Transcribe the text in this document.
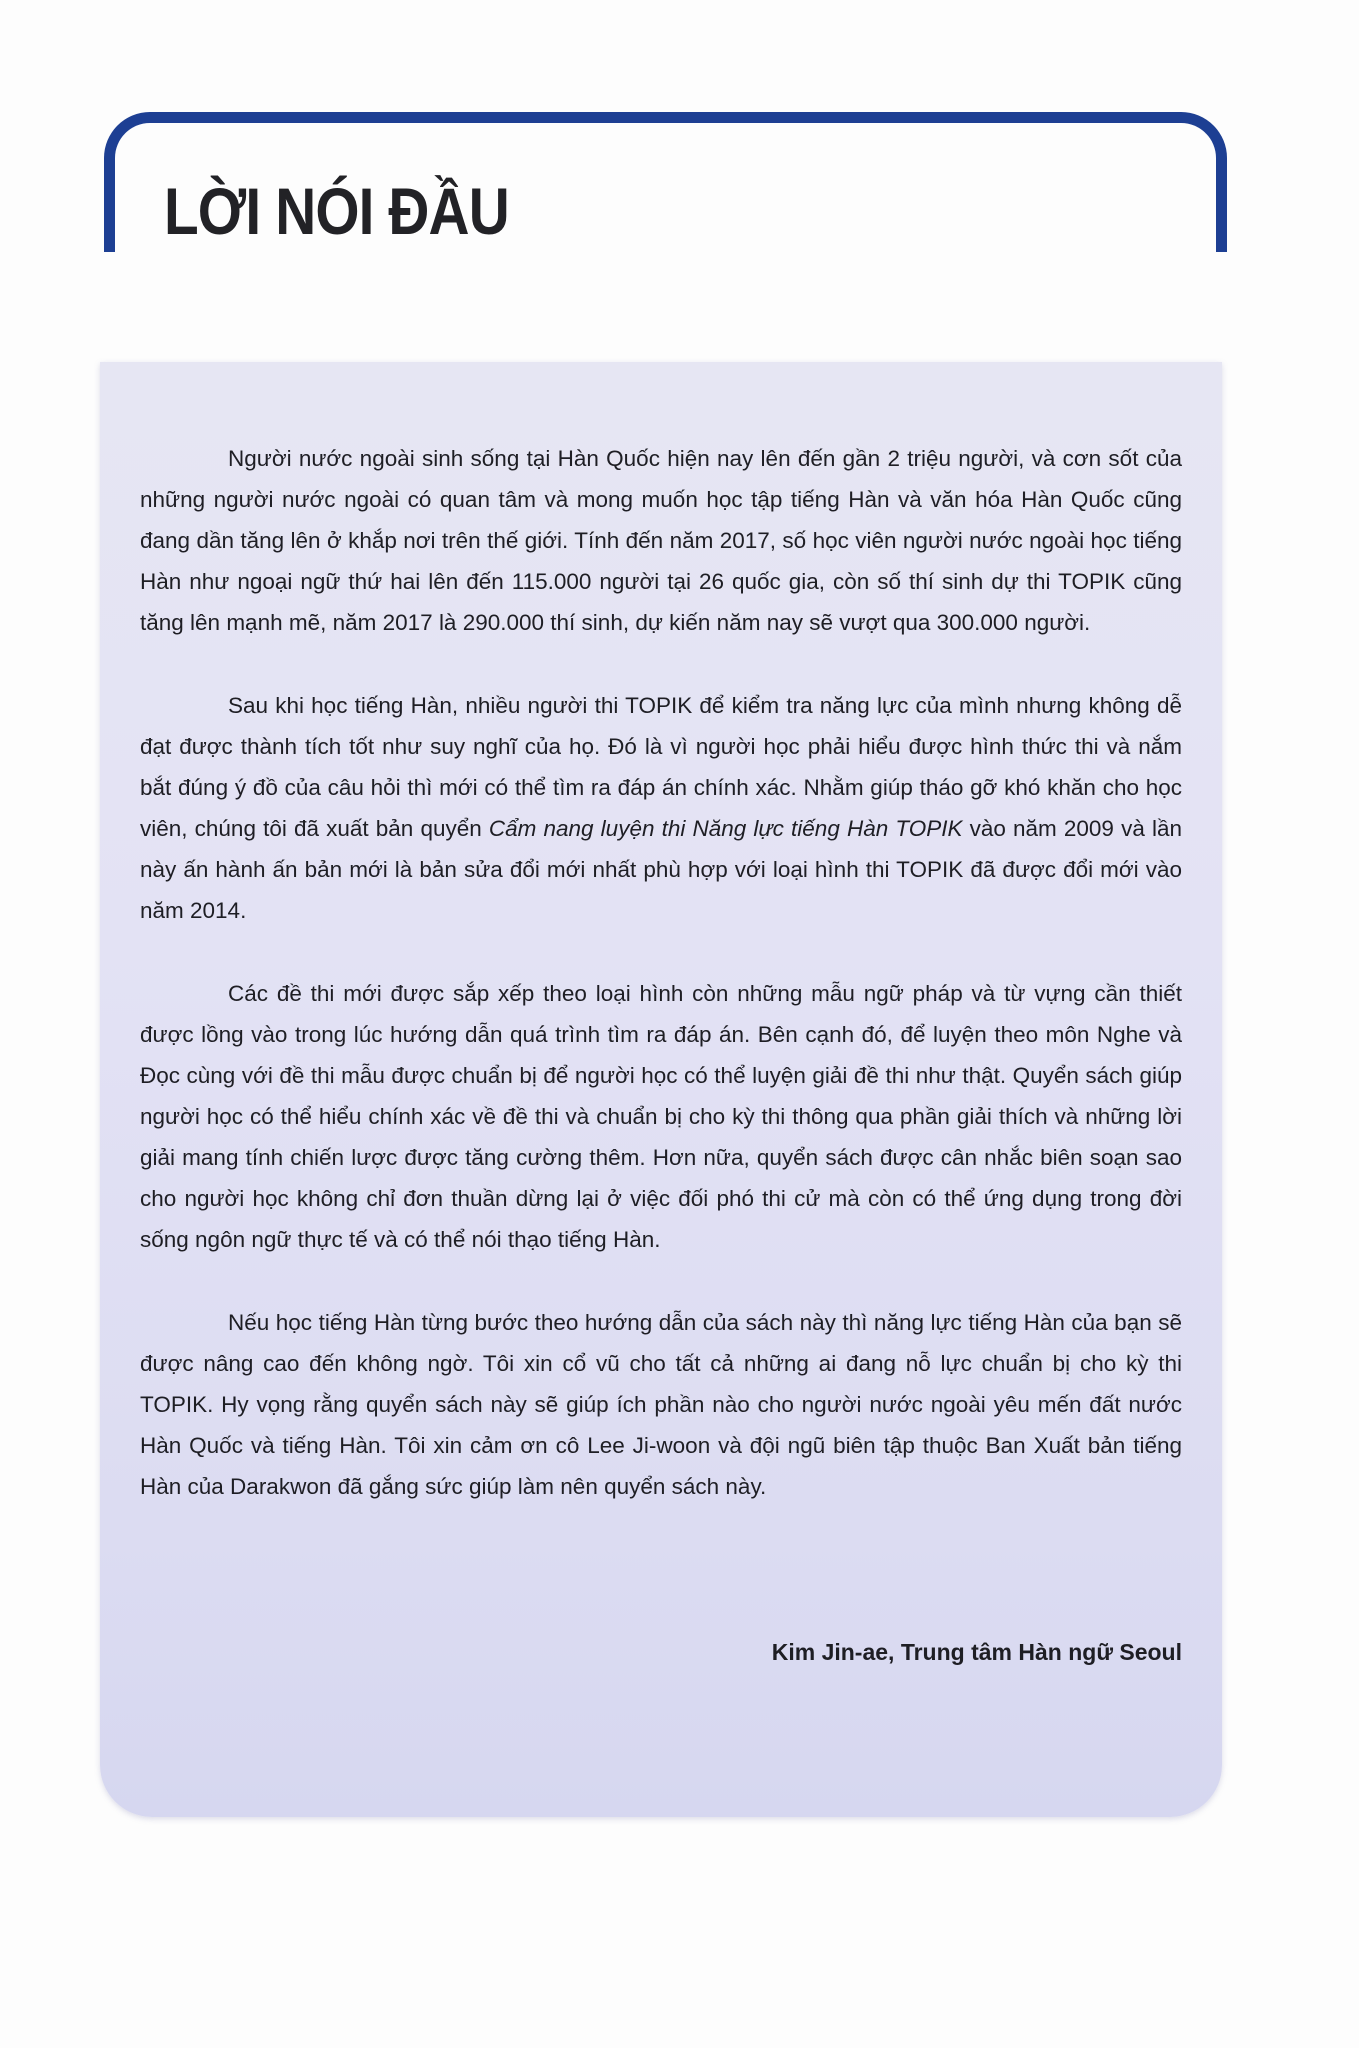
LỜI NÓI ĐẦU

Người nước ngoài sinh sống tại Hàn Quốc hiện nay lên đến gần 2 triệu người, và cơn sốt của những người nước ngoài có quan tâm và mong muốn học tập tiếng Hàn và văn hóa Hàn Quốc cũng đang dần tăng lên ở khắp nơi trên thế giới. Tính đến năm 2017, số học viên người nước ngoài học tiếng Hàn như ngoại ngữ thứ hai lên đến 115.000 người tại 26 quốc gia, còn số thí sinh dự thi TOPIK cũng tăng lên mạnh mẽ, năm 2017 là 290.000 thí sinh, dự kiến năm nay sẽ vượt qua 300.000 người.

Sau khi học tiếng Hàn, nhiều người thi TOPIK để kiểm tra năng lực của mình nhưng không dễ đạt được thành tích tốt như suy nghĩ của họ. Đó là vì người học phải hiểu được hình thức thi và nắm bắt đúng ý đồ của câu hỏi thì mới có thể tìm ra đáp án chính xác. Nhằm giúp tháo gỡ khó khăn cho học viên, chúng tôi đã xuất bản quyển Cẩm nang luyện thi Năng lực tiếng Hàn TOPIK vào năm 2009 và lần này ấn hành ấn bản mới là bản sửa đổi mới nhất phù hợp với loại hình thi TOPIK đã được đổi mới vào năm 2014.

Các đề thi mới được sắp xếp theo loại hình còn những mẫu ngữ pháp và từ vựng cần thiết được lồng vào trong lúc hướng dẫn quá trình tìm ra đáp án. Bên cạnh đó, để luyện theo môn Nghe và Đọc cùng với đề thi mẫu được chuẩn bị để người học có thể luyện giải đề thi như thật. Quyển sách giúp người học có thể hiểu chính xác về đề thi và chuẩn bị cho kỳ thi thông qua phần giải thích và những lời giải mang tính chiến lược được tăng cường thêm. Hơn nữa, quyển sách được cân nhắc biên soạn sao cho người học không chỉ đơn thuần dừng lại ở việc đối phó thi cử mà còn có thể ứng dụng trong đời sống ngôn ngữ thực tế và có thể nói thạo tiếng Hàn.

Nếu học tiếng Hàn từng bước theo hướng dẫn của sách này thì năng lực tiếng Hàn của bạn sẽ được nâng cao đến không ngờ. Tôi xin cổ vũ cho tất cả những ai đang nỗ lực chuẩn bị cho kỳ thi TOPIK. Hy vọng rằng quyển sách này sẽ giúp ích phần nào cho người nước ngoài yêu mến đất nước Hàn Quốc và tiếng Hàn. Tôi xin cảm ơn cô Lee Ji-woon và đội ngũ biên tập thuộc Ban Xuất bản tiếng Hàn của Darakwon đã gắng sức giúp làm nên quyển sách này.

Kim Jin-ae, Trung tâm Hàn ngữ Seoul
